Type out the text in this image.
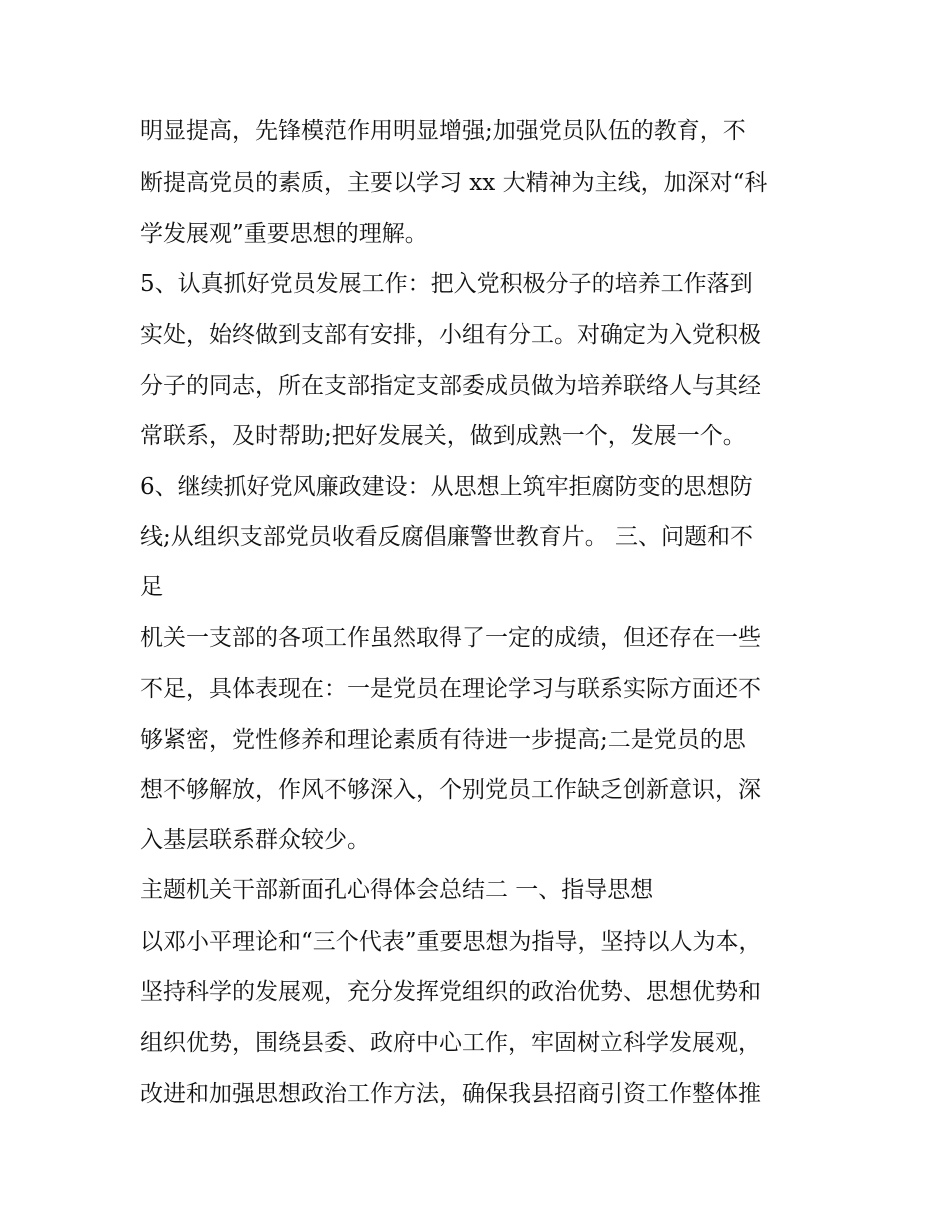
明显提高，先锋模范作用明显增强;加强党员队伍的教育，不

断提高党员的素质，主要以学习 xx 大精神为主线，加深对“科

学发展观”重要思想的理解。

5、认真抓好党员发展工作：把入党积极分子的培养工作落到

实处，始终做到支部有安排，小组有分工。对确定为入党积极

分子的同志，所在支部指定支部委成员做为培养联络人与其经

常联系，及时帮助;把好发展关，做到成熟一个，发展一个。

6、继续抓好党风廉政建设：从思想上筑牢拒腐防变的思想防

线;从组织支部党员收看反腐倡廉警世教育片。 三、问题和不

足

机关一支部的各项工作虽然取得了一定的成绩，但还存在一些

不足，具体表现在：一是党员在理论学习与联系实际方面还不

够紧密，党性修养和理论素质有待进一步提高;二是党员的思

想不够解放，作风不够深入，个别党员工作缺乏创新意识，深

入基层联系群众较少。

主题机关干部新面孔心得体会总结二 一、指导思想

以邓小平理论和“三个代表”重要思想为指导，坚持以人为本，

坚持科学的发展观，充分发挥党组织的政治优势、思想优势和

组织优势，围绕县委、政府中心工作，牢固树立科学发展观，

改进和加强思想政治工作方法，确保我县招商引资工作整体推
